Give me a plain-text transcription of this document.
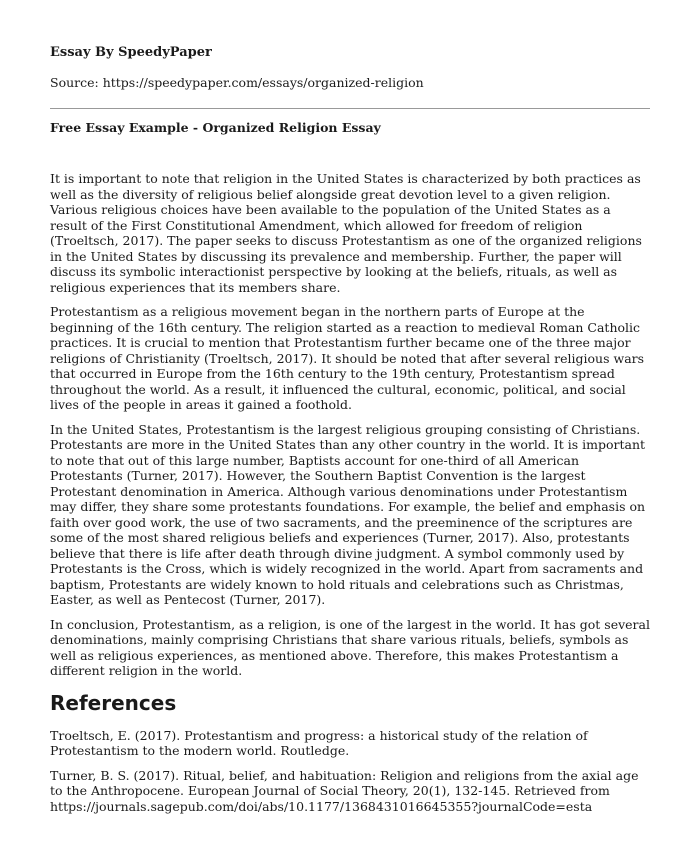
Essay By SpeedyPaper
Source: https://speedypaper.com/essays/organized-religion
Free Essay Example - Organized Religion Essay

It is important to note that religion in the United States is characterized by both practices as well as the diversity of religious belief alongside great devotion level to a given religion. Various religious choices have been available to the population of the United States as a result of the First Constitutional Amendment, which allowed for freedom of religion (Troeltsch, 2017). The paper seeks to discuss Protestantism as one of the organized religions in the United States by discussing its prevalence and membership. Further, the paper will discuss its symbolic interactionist perspective by looking at the beliefs, rituals, as well as religious experiences that its members share.

Protestantism as a religious movement began in the northern parts of Europe at the beginning of the 16th century. The religion started as a reaction to medieval Roman Catholic practices. It is crucial to mention that Protestantism further became one of the three major religions of Christianity (Troeltsch, 2017). It should be noted that after several religious wars that occurred in Europe from the 16th century to the 19th century, Protestantism spread throughout the world. As a result, it influenced the cultural, economic, political, and social lives of the people in areas it gained a foothold.

In the United States, Protestantism is the largest religious grouping consisting of Christians. Protestants are more in the United States than any other country in the world. It is important to note that out of this large number, Baptists account for one-third of all American Protestants (Turner, 2017). However, the Southern Baptist Convention is the largest Protestant denomination in America. Although various denominations under Protestantism may differ, they share some protestants foundations. For example, the belief and emphasis on faith over good work, the use of two sacraments, and the preeminence of the scriptures are some of the most shared religious beliefs and experiences (Turner, 2017). Also, protestants believe that there is life after death through divine judgment. A symbol commonly used by Protestants is the Cross, which is widely recognized in the world. Apart from sacraments and baptism, Protestants are widely known to hold rituals and celebrations such as Christmas, Easter, as well as Pentecost (Turner, 2017).

In conclusion, Protestantism, as a religion, is one of the largest in the world. It has got several denominations, mainly comprising Christians that share various rituals, beliefs, symbols as well as religious experiences, as mentioned above. Therefore, this makes Protestantism a different religion in the world.

References

Troeltsch, E. (2017). Protestantism and progress: a historical study of the relation of Protestantism to the modern world. Routledge.

Turner, B. S. (2017). Ritual, belief, and habituation: Religion and religions from the axial age to the Anthropocene. European Journal of Social Theory, 20(1), 132-145. Retrieved from https://journals.sagepub.com/doi/abs/10.1177/1368431016645355?journalCode=esta
